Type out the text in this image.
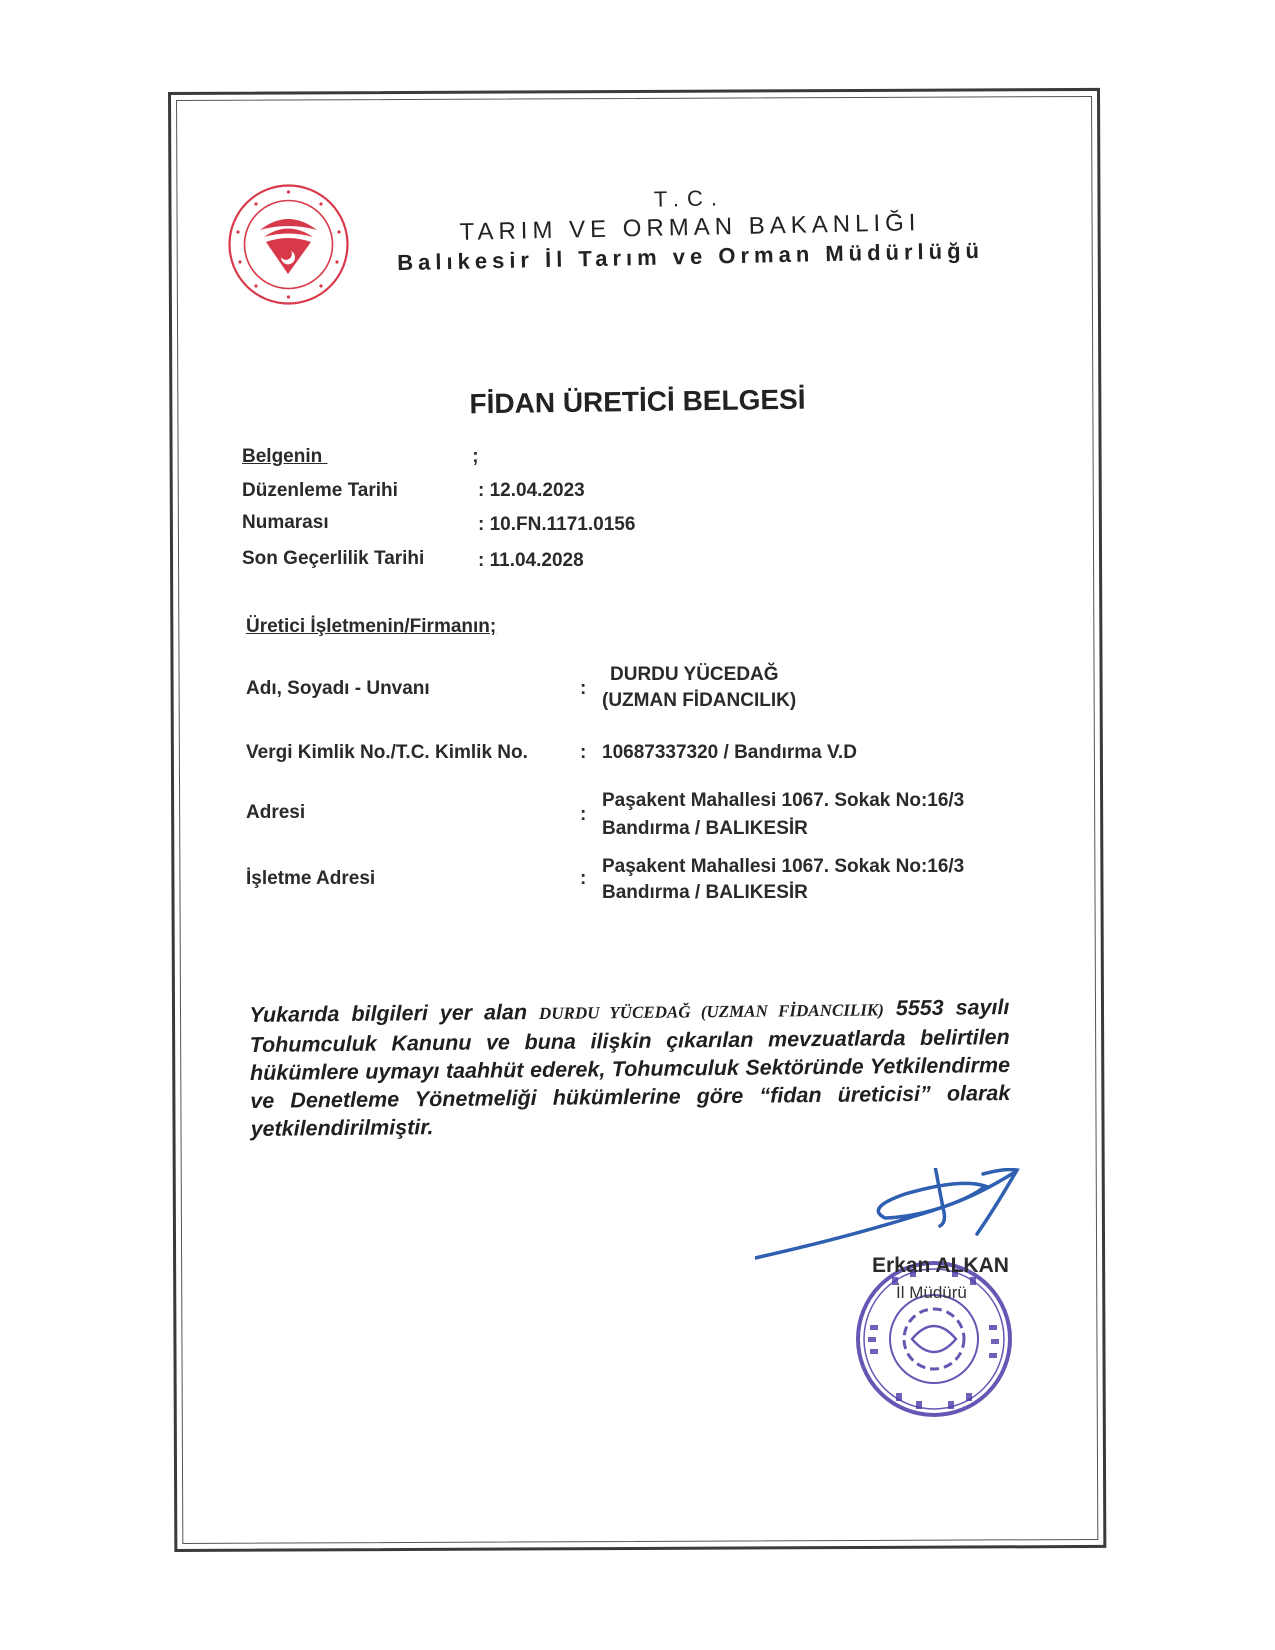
T.C.
TARIM VE ORMAN BAKANLIĞI
Balıkesir İl Tarım ve Orman Müdürlüğü
FİDAN ÜRETİCİ BELGESİ
Belgenin	;
Düzenleme Tarihi	: 12.04.2023
Numarası	: 10.FN.1171.0156
Son Geçerlilik Tarihi	: 11.04.2028
Üretici İşletmenin/Firmanın;
Adı, Soyadı - Unvanı	:
DURDU YÜCEDAĞ
(UZMAN FİDANCILIK)
Vergi Kimlik No./T.C. Kimlik No.	: 10687337320 / Bandırma V.D
Adresi	:
Paşakent Mahallesi 1067. Sokak No:16/3
Bandırma / BALIKESİR
İşletme Adresi	:
Paşakent Mahallesi 1067. Sokak No:16/3
Bandırma / BALIKESİR
Yukarıda bilgileri yer alan DURDU YÜCEDAĞ (UZMAN FİDANCILIK) 5553 sayılı Tohumculuk Kanunu ve buna ilişkin çıkarılan mevzuatlarda belirtilen hükümlere uymayı taahhüt ederek, Tohumculuk Sektöründe Yetkilendirme ve Denetleme Yönetmeliği hükümlerine göre “fidan üreticisi” olarak yetkilendirilmiştir.
Erkan ALKAN
İl Müdürü
